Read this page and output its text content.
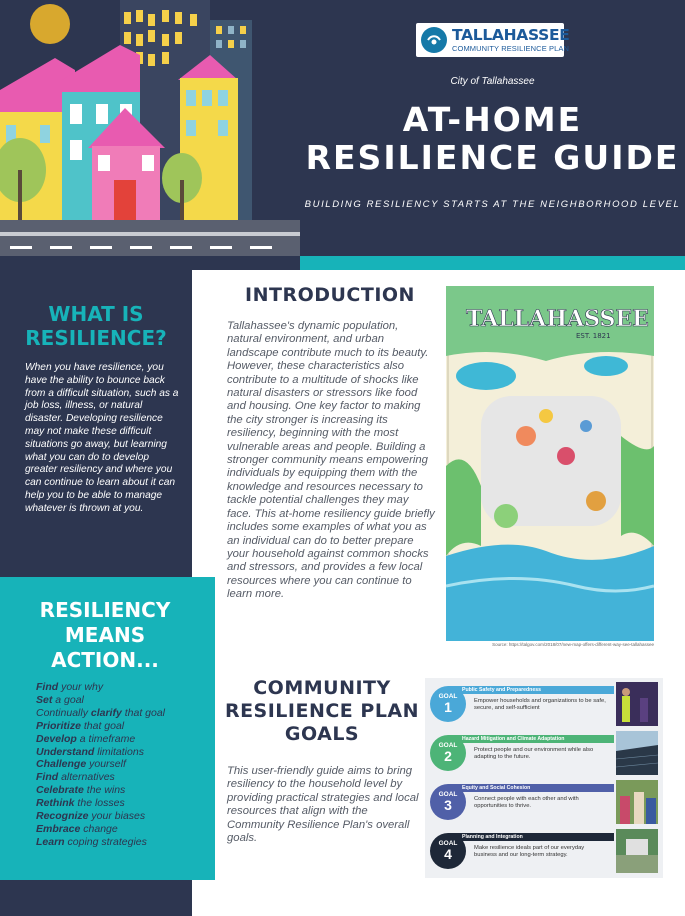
TALLAHASSEE
COMMUNITY RESILIENCE PLAN
City of Tallahassee
AT-HOME
RESILIENCE GUIDE
BUILDING RESILIENCY STARTS AT THE NEIGHBORHOOD LEVEL
WHAT IS
RESILIENCE?
When you have resilience, you have the ability to bounce back from a difficult situation, such as a job loss, illness, or natural disaster. Developing resilience may not make these difficult situations go away, but learning what you can do to develop greater resiliency and where you can continue to learn about it can help you to be able to manage whatever is thrown at you.
RESILIENCY
MEANS
ACTION...
Find your why
Set a goal
Continually clarify that goal
Prioritize that goal
Develop a timeframe
Understand limitations
Challenge yourself
Find alternatives
Celebrate the wins
Rethink the losses
Recognize your biases
Embrace change
Learn coping strategies
INTRODUCTION
Tallahassee's dynamic population, natural environment, and urban landscape contribute much to its beauty. However, these characteristics also contribute to a multitude of shocks like natural disasters or stressors like food and housing. One key factor to making the city stronger is increasing its resiliency, beginning with the most vulnerable areas and people. Building a stronger community means empowering individuals by equipping them with the knowledge and resources necessary to tackle potential challenges they may face. This at-home resiliency guide briefly includes some examples of what you as an individual can do to better prepare your household against common shocks and stressors, and provides a few local resources where you can continue to learn more.
TALLAHASSEE
EST. 1821
Source: https://talgov.com/2018/07/new-map-offers-different-way-see-tallahassee
COMMUNITY
RESILIENCE PLAN
GOALS
This user-friendly guide aims to bring resiliency to the household level by providing practical strategies and local resources that align with the Community Resilience Plan's overall goals.
GOAL
1
Public Safety and Preparedness
Empower households and organizations to be safe, secure, and self-sufficient
GOAL
2
Hazard Mitigation and Climate Adaptation
Protect people and our environment while also adapting to the future.
GOAL
3
Equity and Social Cohesion
Connect people with each other and with opportunities to thrive.
GOAL
4
Planning and Integration
Make resilience ideals part of our everyday business and our long-term strategy.
